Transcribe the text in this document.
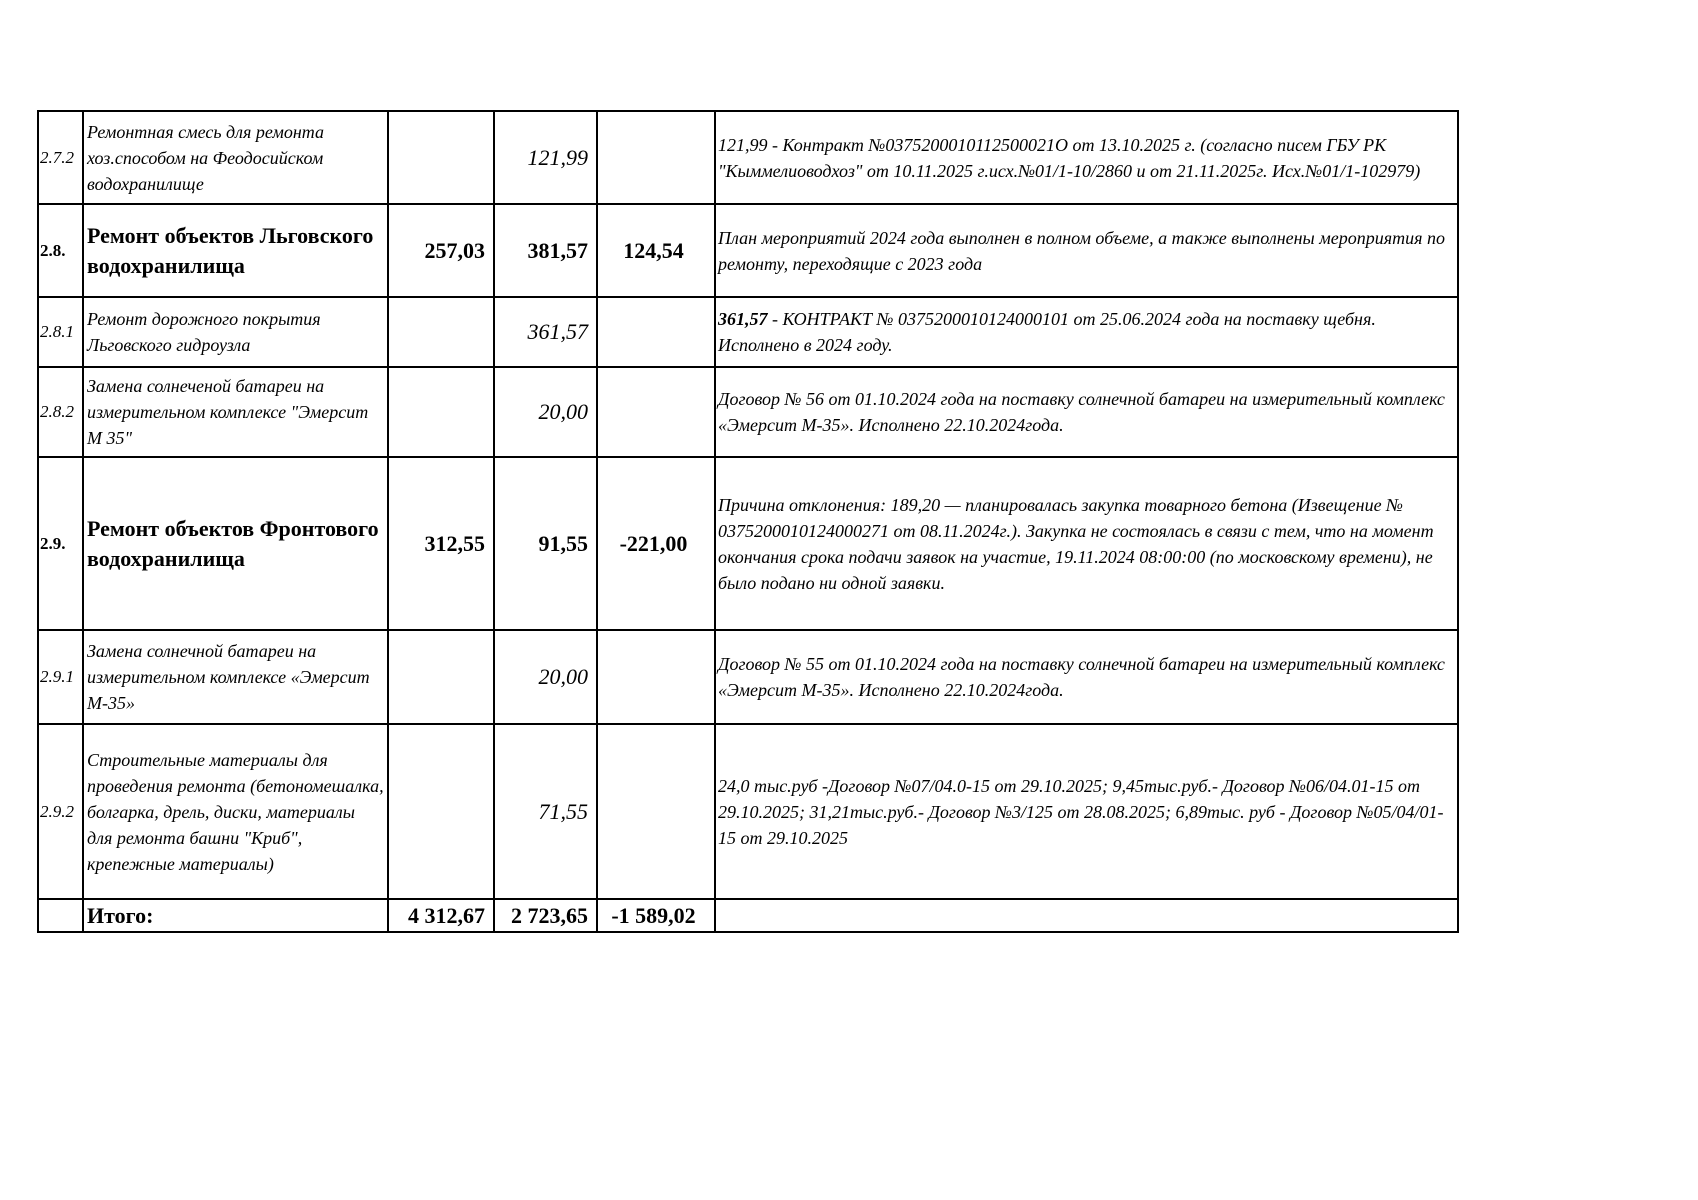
2.7.2	Ремонтная смесь для ремонта хоз.способом на Феодосийском водохранилище		121,99		121,99 - Контракт №0375200010112500021О от 13.10.2025 г. (согласно писем ГБУ РК "Кыммелиоводхоз" от 10.11.2025 г.исх.№01/1-10/2860 и от 21.11.2025г. Исх.№01/1-102979)
2.8.	Ремонт объектов Льговского водохранилища	257,03	381,57	124,54	План мероприятий 2024 года выполнен в полном объеме, а также выполнены мероприятия по ремонту, переходящие с 2023 года
2.8.1	Ремонт дорожного покрытия Льговского гидроузла		361,57		361,57 - КОНТРАКТ № 0375200010124000101 от 25.06.2024 года на поставку щебня. Исполнено в 2024 году.
2.8.2	Замена солнеченой батареи на измерительном комплексе "Эмерсит М 35"		20,00		Договор № 56 от 01.10.2024 года на поставку солнечной батареи на измерительный комплекс «Эмерсит М-35». Исполнено 22.10.2024года.
2.9.	Ремонт объектов Фронтового водохранилища	312,55	91,55	-221,00	Причина отклонения: 189,20 — планировалась закупка товарного бетона (Извещение № 0375200010124000271 от 08.11.2024г.). Закупка не состоялась в связи с тем, что на момент окончания срока подачи заявок на участие, 19.11.2024 08:00:00 (по московскому времени), не было подано ни одной заявки.
2.9.1	Замена солнечной батареи на измерительном комплексе «Эмерсит М-35»		20,00		Договор № 55 от 01.10.2024 года на поставку солнечной батареи на измерительный комплекс «Эмерсит М-35». Исполнено 22.10.2024года.
2.9.2	Строительные материалы для проведения ремонта (бетономешалка, болгарка, дрель, диски, материалы для ремонта башни "Криб", крепежные материалы)		71,55		24,0 тыс.руб -Договор №07/04.0-15 от 29.10.2025; 9,45тыс.руб.- Договор №06/04.01-15 от 29.10.2025; 31,21тыс.руб.- Договор №3/125 от 28.08.2025; 6,89тыс. руб - Договор №05/04/01-15 от 29.10.2025
	Итого:	4 312,67	2 723,65	-1 589,02	
